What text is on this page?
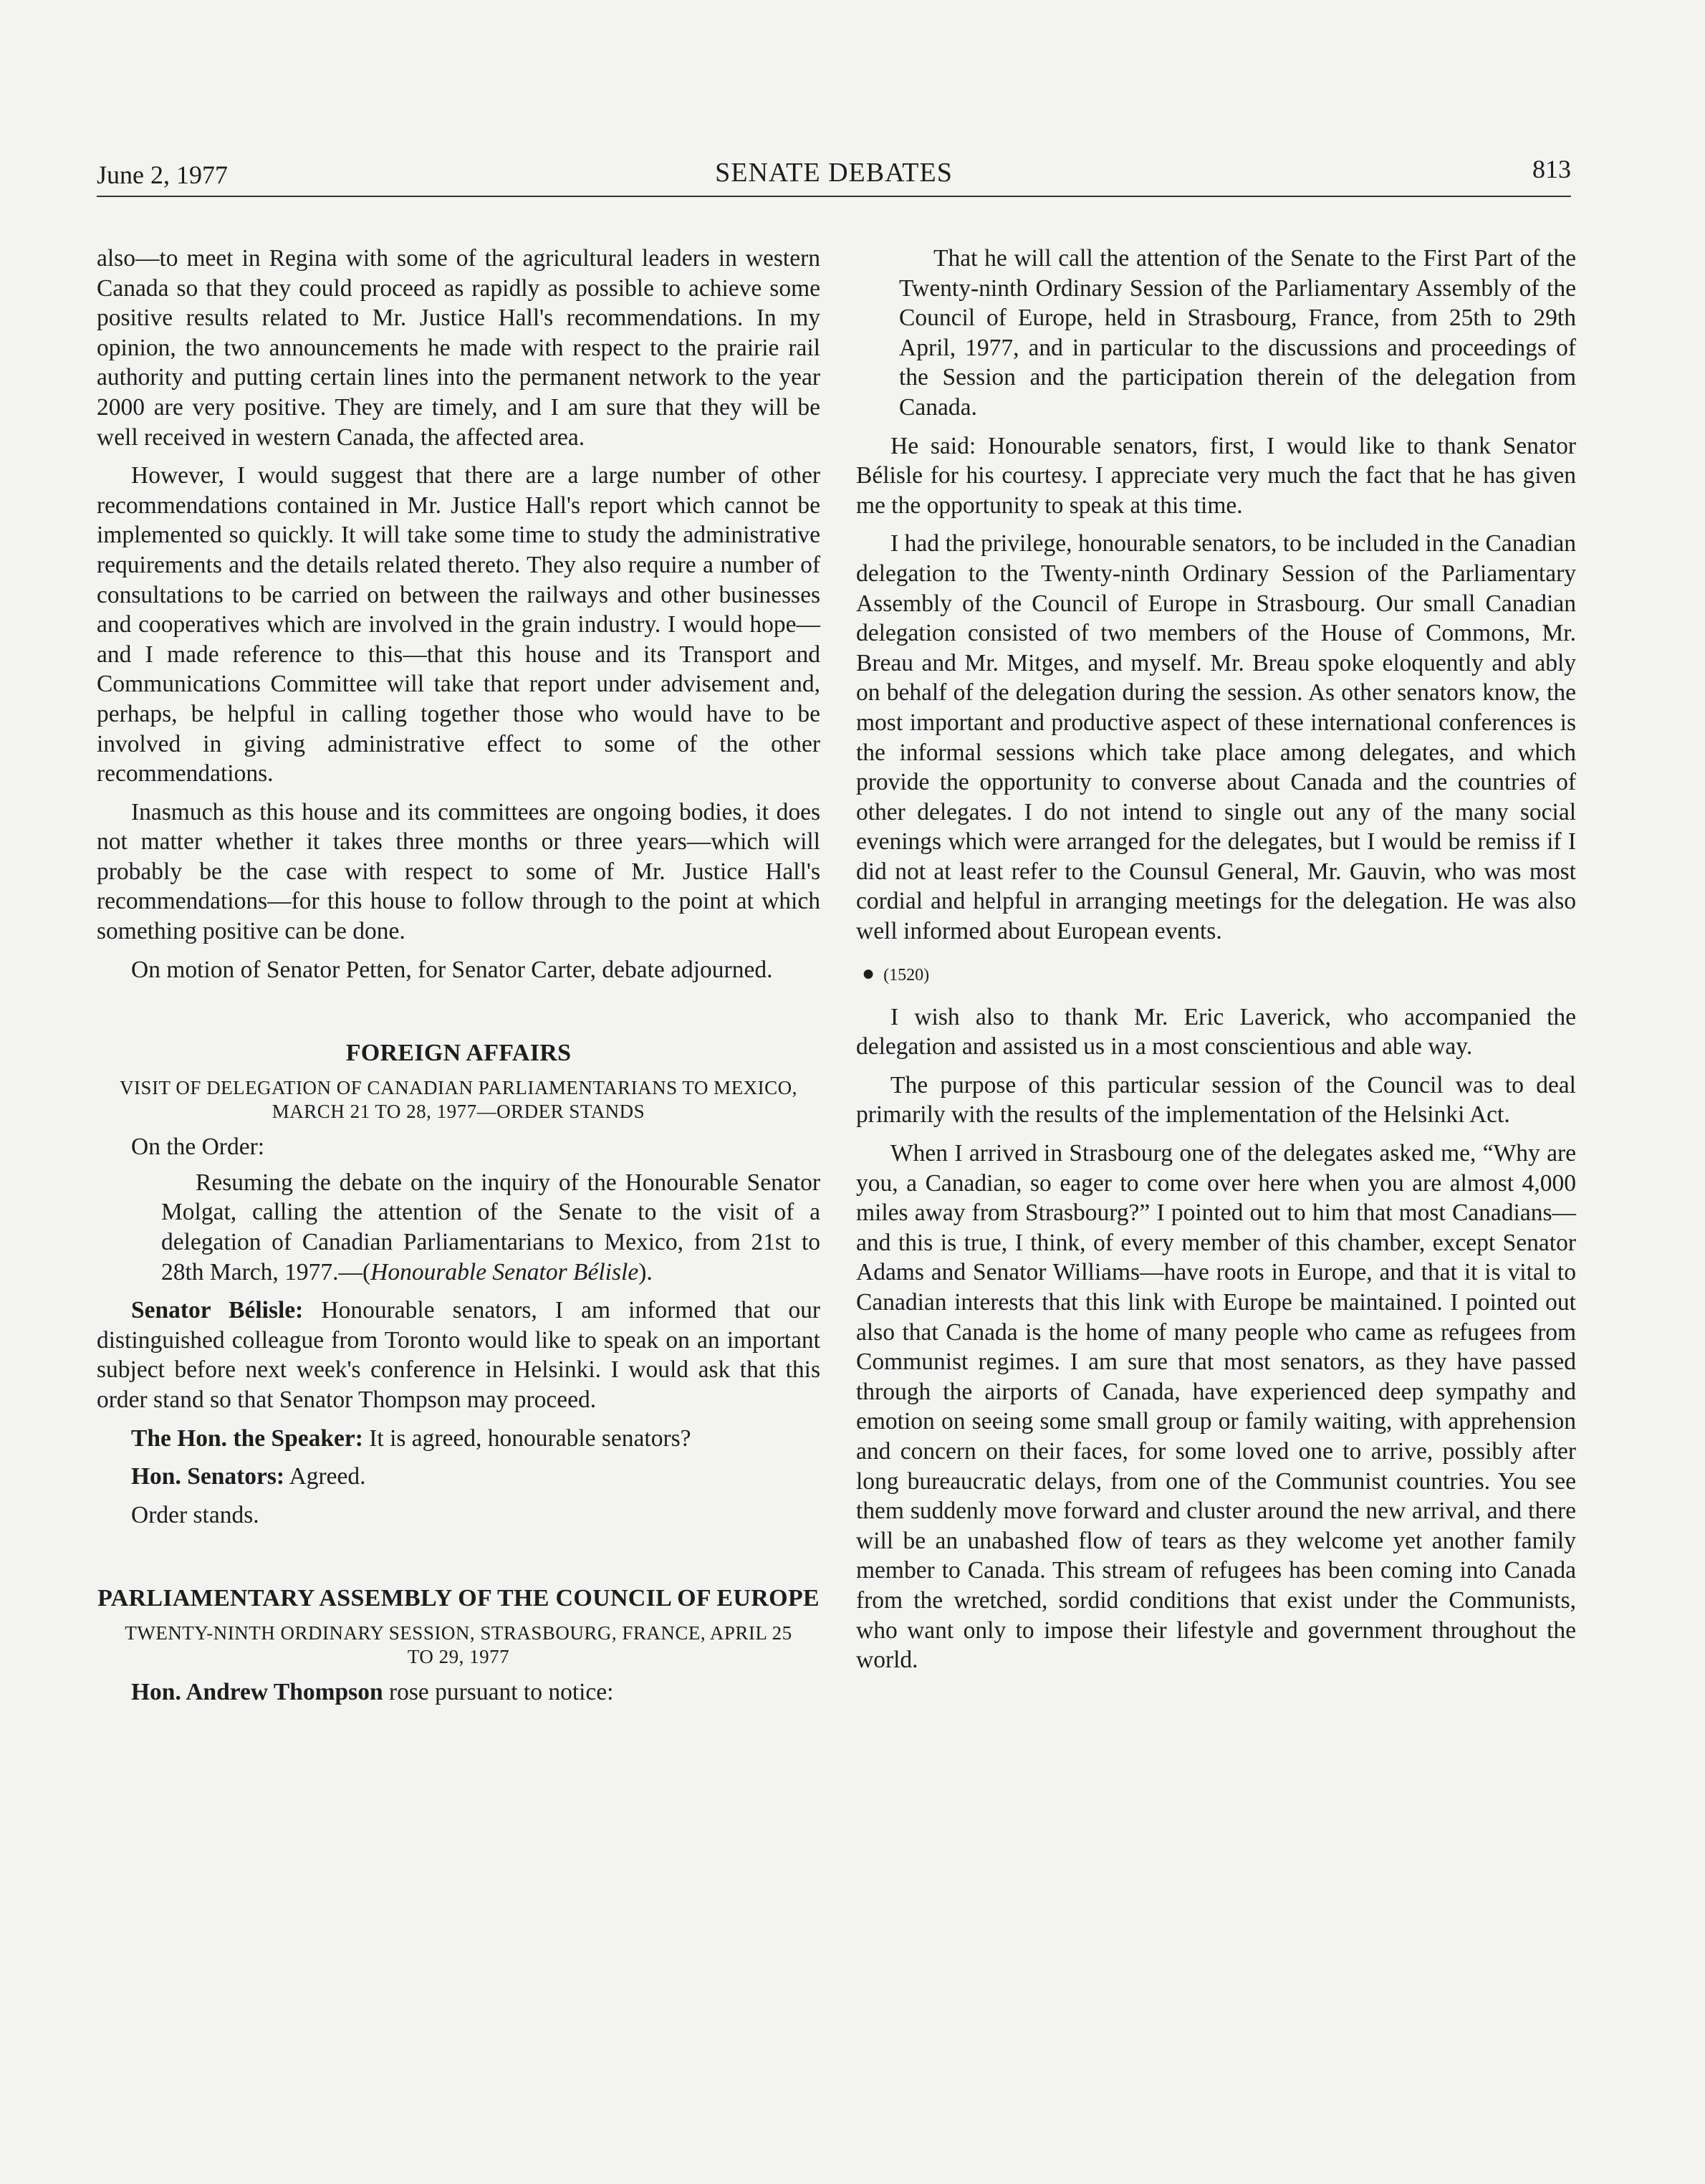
June 2, 1977	SENATE DEBATES	813

also—to meet in Regina with some of the agricultural leaders in western Canada so that they could proceed as rapidly as possible to achieve some positive results related to Mr. Justice Hall's recommendations. In my opinion, the two announcements he made with respect to the prairie rail authority and putting certain lines into the permanent network to the year 2000 are very positive. They are timely, and I am sure that they will be well received in western Canada, the affected area.

However, I would suggest that there are a large number of other recommendations contained in Mr. Justice Hall's report which cannot be implemented so quickly. It will take some time to study the administrative requirements and the details related thereto. They also require a number of consultations to be carried on between the railways and other businesses and cooperatives which are involved in the grain industry. I would hope—and I made reference to this—that this house and its Transport and Communications Committee will take that report under advisement and, perhaps, be helpful in calling together those who would have to be involved in giving administrative effect to some of the other recommendations.

Inasmuch as this house and its committees are ongoing bodies, it does not matter whether it takes three months or three years—which will probably be the case with respect to some of Mr. Justice Hall's recommendations—for this house to follow through to the point at which something positive can be done.

On motion of Senator Petten, for Senator Carter, debate adjourned.

FOREIGN AFFAIRS
VISIT OF DELEGATION OF CANADIAN PARLIAMENTARIANS TO MEXICO, MARCH 21 TO 28, 1977—ORDER STANDS

On the Order:

Resuming the debate on the inquiry of the Honourable Senator Molgat, calling the attention of the Senate to the visit of a delegation of Canadian Parliamentarians to Mexico, from 21st to 28th March, 1977.—(Honourable Senator Bélisle).

Senator Bélisle: Honourable senators, I am informed that our distinguished colleague from Toronto would like to speak on an important subject before next week's conference in Helsinki. I would ask that this order stand so that Senator Thompson may proceed.

The Hon. the Speaker: It is agreed, honourable senators?

Hon. Senators: Agreed.

Order stands.

PARLIAMENTARY ASSEMBLY OF THE COUNCIL OF EUROPE
TWENTY-NINTH ORDINARY SESSION, STRASBOURG, FRANCE, APRIL 25 TO 29, 1977

Hon. Andrew Thompson rose pursuant to notice:

That he will call the attention of the Senate to the First Part of the Twenty-ninth Ordinary Session of the Parliamentary Assembly of the Council of Europe, held in Strasbourg, France, from 25th to 29th April, 1977, and in particular to the discussions and proceedings of the Session and the participation therein of the delegation from Canada.

He said: Honourable senators, first, I would like to thank Senator Bélisle for his courtesy. I appreciate very much the fact that he has given me the opportunity to speak at this time.

I had the privilege, honourable senators, to be included in the Canadian delegation to the Twenty-ninth Ordinary Session of the Parliamentary Assembly of the Council of Europe in Strasbourg. Our small Canadian delegation consisted of two members of the House of Commons, Mr. Breau and Mr. Mitges, and myself. Mr. Breau spoke eloquently and ably on behalf of the delegation during the session. As other senators know, the most important and productive aspect of these international conferences is the informal sessions which take place among delegates, and which provide the opportunity to converse about Canada and the countries of other delegates. I do not intend to single out any of the many social evenings which were arranged for the delegates, but I would be remiss if I did not at least refer to the Counsul General, Mr. Gauvin, who was most cordial and helpful in arranging meetings for the delegation. He was also well informed about European events.

● (1520)

I wish also to thank Mr. Eric Laverick, who accompanied the delegation and assisted us in a most conscientious and able way.

The purpose of this particular session of the Council was to deal primarily with the results of the implementation of the Helsinki Act.

When I arrived in Strasbourg one of the delegates asked me, “Why are you, a Canadian, so eager to come over here when you are almost 4,000 miles away from Strasbourg?” I pointed out to him that most Canadians—and this is true, I think, of every member of this chamber, except Senator Adams and Senator Williams—have roots in Europe, and that it is vital to Canadian interests that this link with Europe be maintained. I pointed out also that Canada is the home of many people who came as refugees from Communist regimes. I am sure that most senators, as they have passed through the airports of Canada, have experienced deep sympathy and emotion on seeing some small group or family waiting, with apprehension and concern on their faces, for some loved one to arrive, possibly after long bureaucratic delays, from one of the Communist countries. You see them suddenly move forward and cluster around the new arrival, and there will be an unabashed flow of tears as they welcome yet another family member to Canada. This stream of refugees has been coming into Canada from the wretched, sordid conditions that exist under the Communists, who want only to impose their lifestyle and government throughout the world.
